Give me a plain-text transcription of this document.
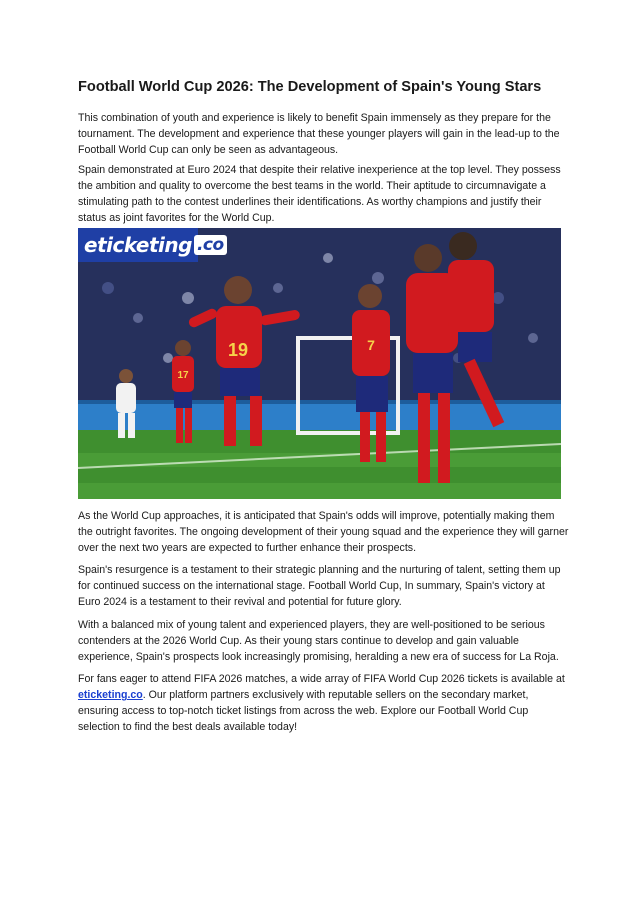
Football World Cup 2026: The Development of Spain's Young Stars

This combination of youth and experience is likely to benefit Spain immensely as they prepare for the tournament. The development and experience that these younger players will gain in the lead-up to the Football World Cup can only be seen as advantageous.

Spain demonstrated at Euro 2024 that despite their relative inexperience at the top level. They possess the ambition and quality to overcome the best teams in the world. Their aptitude to circumnavigate a stimulating path to the contest underlines their identifications. As worthy champions and justify their status as joint favorites for the World Cup.

19	7
17
eticketing .co

As the World Cup approaches, it is anticipated that Spain's odds will improve, potentially making them the outright favorites. The ongoing development of their young squad and the experience they will garner over the next two years are expected to further enhance their prospects.

Spain's resurgence is a testament to their strategic planning and the nurturing of talent, setting them up for continued success on the international stage. Football World Cup, In summary, Spain's victory at Euro 2024 is a testament to their revival and potential for future glory.

With a balanced mix of young talent and experienced players, they are well-positioned to be serious contenders at the 2026 World Cup. As their young stars continue to develop and gain valuable experience, Spain's prospects look increasingly promising, heralding a new era of success for La Roja.

For fans eager to attend FIFA 2026 matches, a wide array of FIFA World Cup 2026 tickets is available at eticketing.co. Our platform partners exclusively with reputable sellers on the secondary market, ensuring access to top-notch ticket listings from across the web. Explore our Football World Cup selection to find the best deals available today!
